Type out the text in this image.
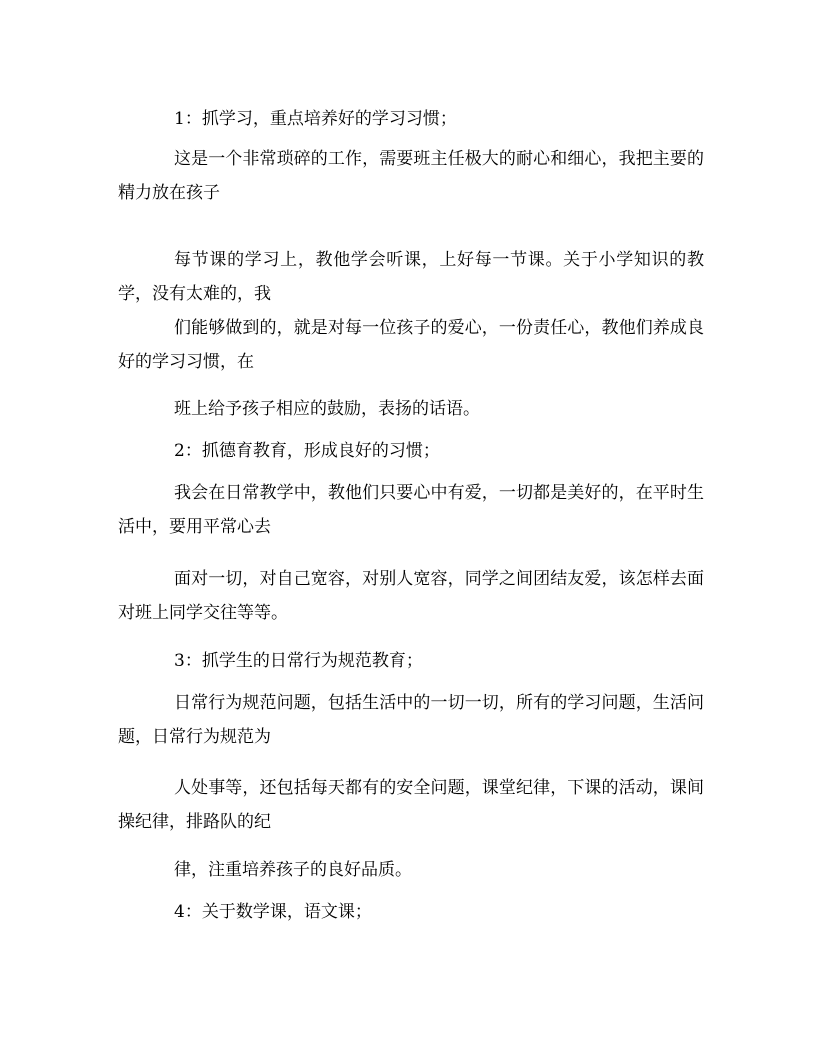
1：抓学习，重点培养好的学习习惯；

这是一个非常琐碎的工作，需要班主任极大的耐心和细心，我把主要的精力放在孩子

每节课的学习上，教他学会听课，上好每一节课。关于小学知识的教学，没有太难的，我

们能够做到的，就是对每一位孩子的爱心，一份责任心，教他们养成良好的学习习惯，在

班上给予孩子相应的鼓励，表扬的话语。

2：抓德育教育，形成良好的习惯；

我会在日常教学中，教他们只要心中有爱，一切都是美好的，在平时生活中，要用平常心去

面对一切，对自己宽容，对别人宽容，同学之间团结友爱，该怎样去面对班上同学交往等等。

3：抓学生的日常行为规范教育；

日常行为规范问题，包括生活中的一切一切，所有的学习问题，生活问题，日常行为规范为

人处事等，还包括每天都有的安全问题，课堂纪律，下课的活动，课间操纪律，排路队的纪

律，注重培养孩子的良好品质。

4：关于数学课，语文课；
